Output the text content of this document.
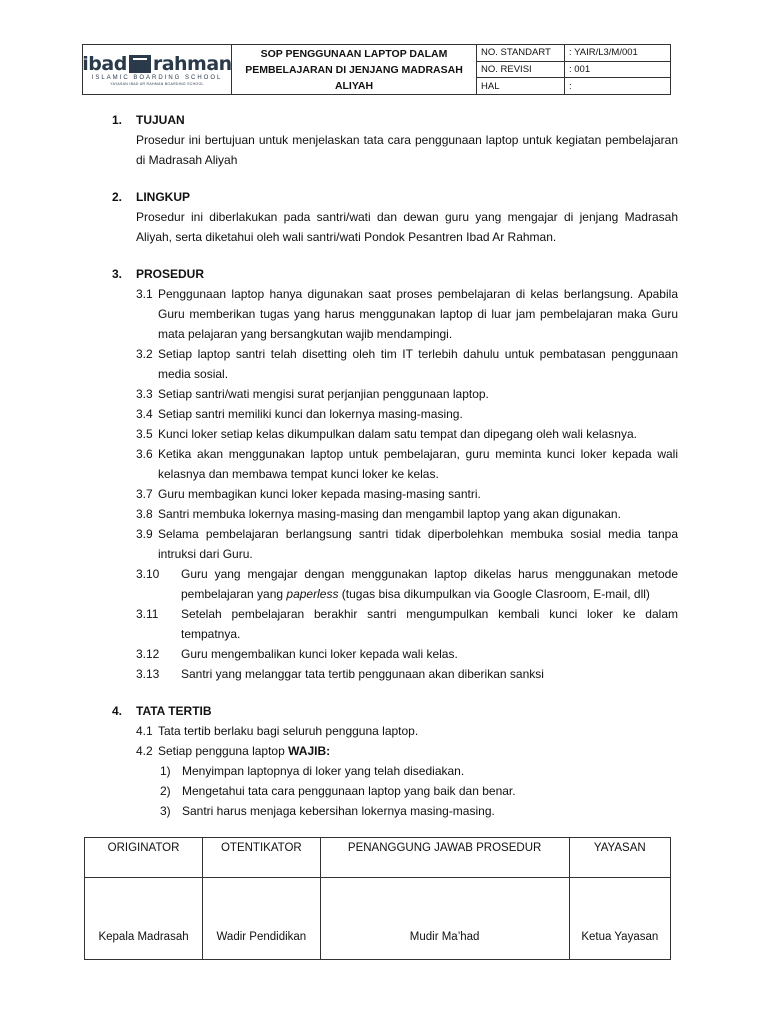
ibad rahman
ISLAMIC BOARDING SCHOOL
YAYASAN IBAD AR RAHMAN BOARDING SCHOOL
SOP PENGGUNAAN LAPTOP DALAM PEMBELAJARAN DI JENJANG MADRASAH ALIYAH
NO. STANDART	: YAIR/L3/M/001
NO. REVISI	: 001
HAL	:
1.	TUJUAN
Prosedur ini bertujuan untuk menjelaskan tata cara penggunaan laptop untuk kegiatan pembelajaran di Madrasah Aliyah
2.	LINGKUP
Prosedur ini diberlakukan pada santri/wati dan dewan guru yang mengajar di jenjang Madrasah Aliyah, serta diketahui oleh wali santri/wati Pondok Pesantren Ibad Ar Rahman.
3.	PROSEDUR
3.1 Penggunaan laptop hanya digunakan saat proses pembelajaran di kelas berlangsung. Apabila Guru memberikan tugas yang harus menggunakan laptop di luar jam pembelajaran maka Guru mata pelajaran yang bersangkutan wajib mendampingi.
3.2 Setiap laptop santri telah disetting oleh tim IT terlebih dahulu untuk pembatasan penggunaan media sosial.
3.3 Setiap santri/wati mengisi surat perjanjian penggunaan laptop.
3.4 Setiap santri memiliki kunci dan lokernya masing-masing.
3.5 Kunci loker setiap kelas dikumpulkan dalam satu tempat dan dipegang oleh wali kelasnya.
3.6 Ketika akan menggunakan laptop untuk pembelajaran, guru meminta kunci loker kepada wali kelasnya dan membawa tempat kunci loker ke kelas.
3.7 Guru membagikan kunci loker kepada masing-masing santri.
3.8 Santri membuka lokernya masing-masing dan mengambil laptop yang akan digunakan.
3.9 Selama pembelajaran berlangsung santri tidak diperbolehkan membuka sosial media tanpa intruksi dari Guru.
3.10	Guru yang mengajar dengan menggunakan laptop dikelas harus menggunakan metode pembelajaran yang paperless (tugas bisa dikumpulkan via Google Clasroom, E-mail, dll)
3.11	Setelah pembelajaran berakhir santri mengumpulkan kembali kunci loker ke dalam tempatnya.
3.12	Guru mengembalikan kunci loker kepada wali kelas.
3.13	Santri yang melanggar tata tertib penggunaan akan diberikan sanksi
4.	TATA TERTIB
4.1 Tata tertib berlaku bagi seluruh pengguna laptop.
4.2 Setiap pengguna laptop WAJIB:
1) Menyimpan laptopnya di loker yang telah disediakan.
2) Mengetahui tata cara penggunaan laptop yang baik dan benar.
3) Santri harus menjaga kebersihan lokernya masing-masing.
ORIGINATOR	OTENTIKATOR	PENANGGUNG JAWAB PROSEDUR	YAYASAN
Kepala Madrasah	Wadir Pendidikan	Mudir Ma’had	Ketua Yayasan
